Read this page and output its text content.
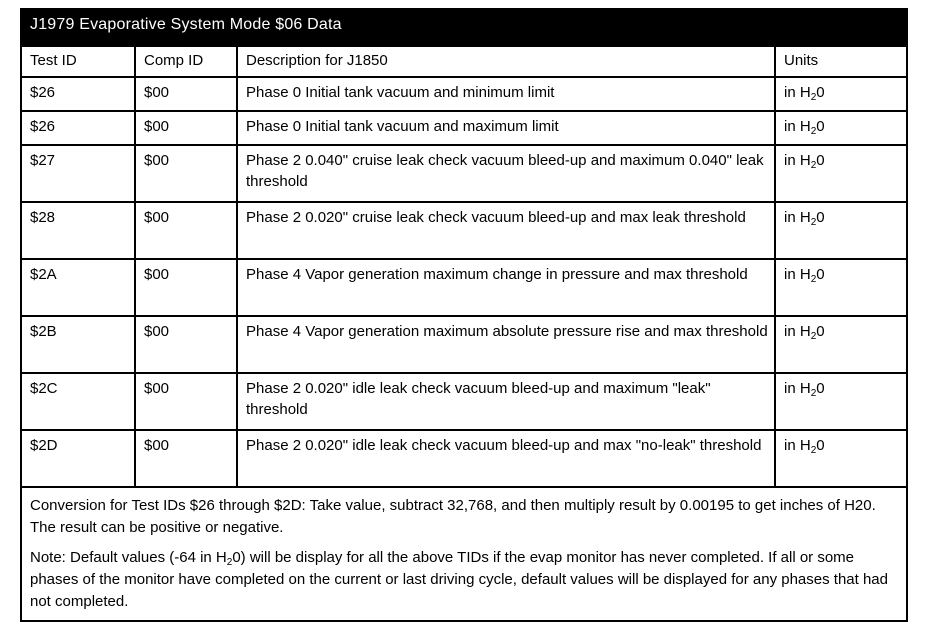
J1979 Evaporative System Mode $06 Data
Test ID	Comp ID	Description for J1850	Units
$26	$00	Phase 0 Initial tank vacuum and minimum limit	in $H_20$
$26	$00	Phase 0 Initial tank vacuum and maximum limit	in $H_20$
$27	$00	Phase 2 0.040" cruise leak check vacuum bleed-up and maximum 0.040" leak threshold	in $H_20$
$28	$00	Phase 2 0.020" cruise leak check vacuum bleed-up and max leak threshold	in $H_20$
$2A	$00	Phase 4 Vapor generation maximum change in pressure and max threshold	in $H_20$
$2B	$00	Phase 4 Vapor generation maximum absolute pressure rise and max threshold	in $H_20$
$2C	$00	Phase 2 0.020" idle leak check vacuum bleed-up and maximum "leak" threshold	in $H_20$
$2D	$00	Phase 2 0.020" idle leak check vacuum bleed-up and max "no-leak" threshold	in $H_20$

Conversion for Test IDs $26 through $2D: Take value, subtract 32,768, and then multiply result by 0.00195 to get inches of H20. The result can be positive or negative.

Note: Default values (-64 in $H_20$) will be display for all the above TIDs if the evap monitor has never completed. If all or some phases of the monitor have completed on the current or last driving cycle, default values will be displayed for any phases that had not completed.
